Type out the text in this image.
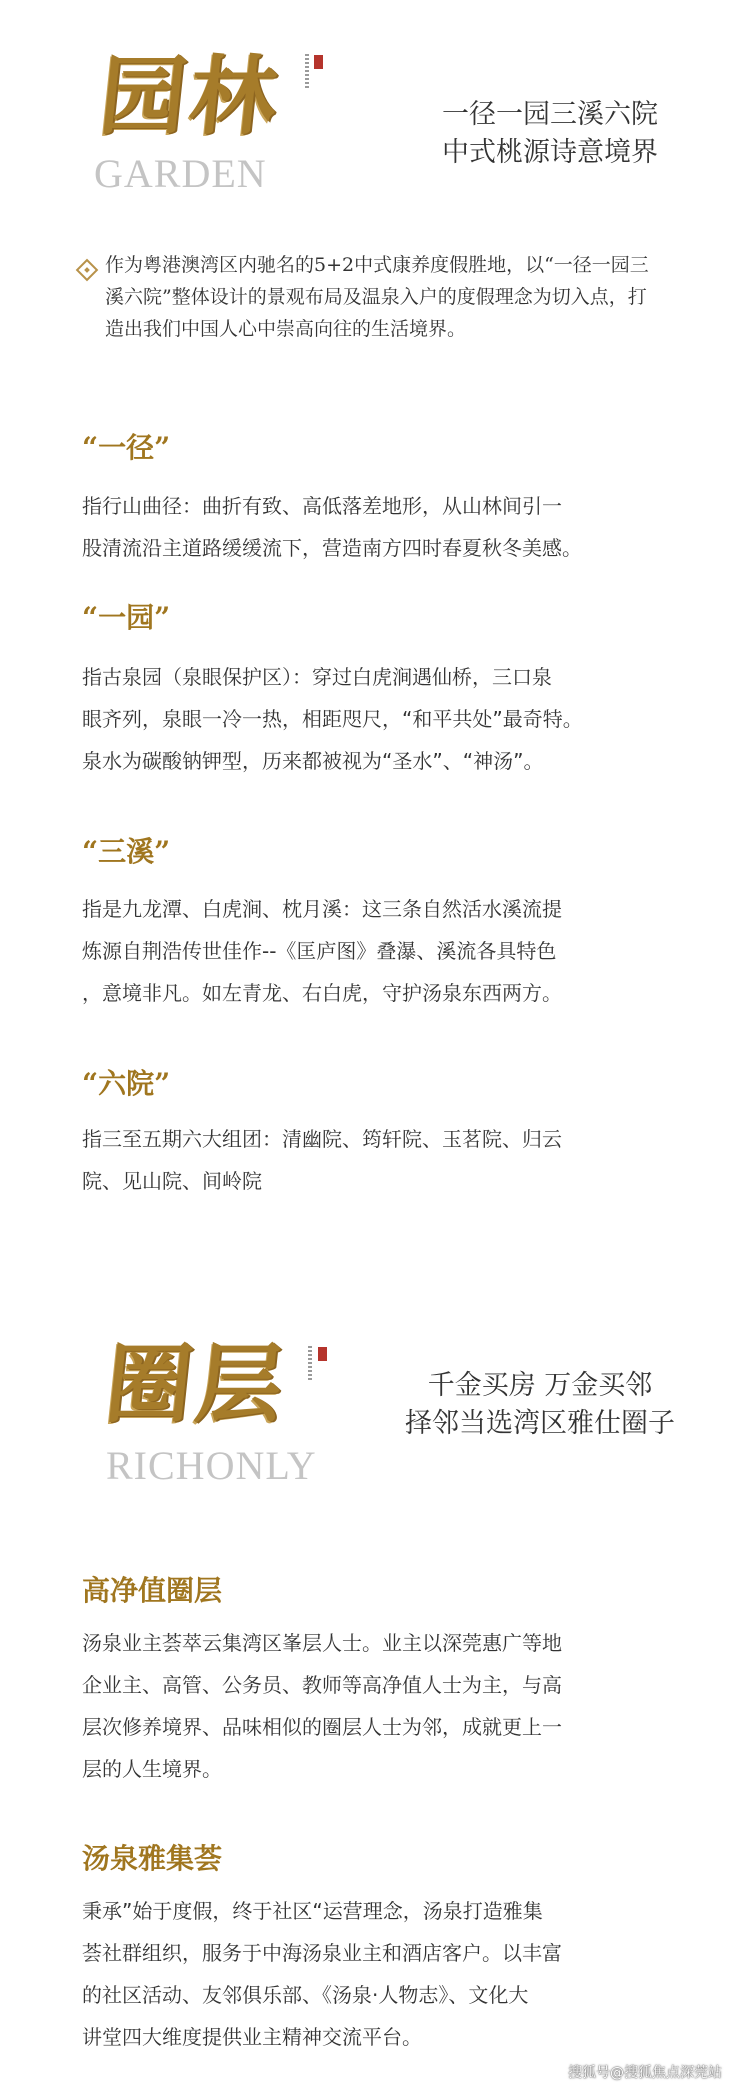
园林
GARDEN
一径一园三溪六院
中式桃源诗意境界
作为粤港澳湾区内驰名的5+2中式康养度假胜地，以“一径一园三溪六院”整体设计的景观布局及温泉入户的度假理念为切入点，打造出我们中国人心中崇高向往的生活境界。
“一径”
指行山曲径：曲折有致、高低落差地形，从山林间引一
股清流沿主道路缓缓流下，营造南方四时春夏秋冬美感。
“一园”
指古泉园（泉眼保护区）：穿过白虎涧遇仙桥，三口泉
眼齐列，泉眼一冷一热，相距咫尺，“和平共处”最奇特。
泉水为碳酸钠钾型，历来都被视为“圣水”、“神汤”。
“三溪”
指是九龙潭、白虎涧、枕月溪：这三条自然活水溪流提
炼源自荆浩传世佳作--《匡庐图》叠瀑、溪流各具特色
，意境非凡。如左青龙、右白虎，守护汤泉东西两方。
“六院”
指三至五期六大组团：清幽院、筠轩院、玉茗院、归云
院、见山院、间岭院
圈层
RICHONLY
千金买房 万金买邻
择邻当选湾区雅仕圈子
高净值圈层
汤泉业主荟萃云集湾区峯层人士。业主以深莞惠广等地
企业主、高管、公务员、教师等高净值人士为主，与高
层次修养境界、品味相似的圈层人士为邻，成就更上一
层的人生境界。
汤泉雅集荟
秉承”始于度假，终于社区“运营理念，汤泉打造雅集
荟社群组织，服务于中海汤泉业主和酒店客户。以丰富
的社区活动、友邻俱乐部、《汤泉·人物志》、文化大
讲堂四大维度提供业主精神交流平台。
搜狐号@搜狐焦点深莞站
